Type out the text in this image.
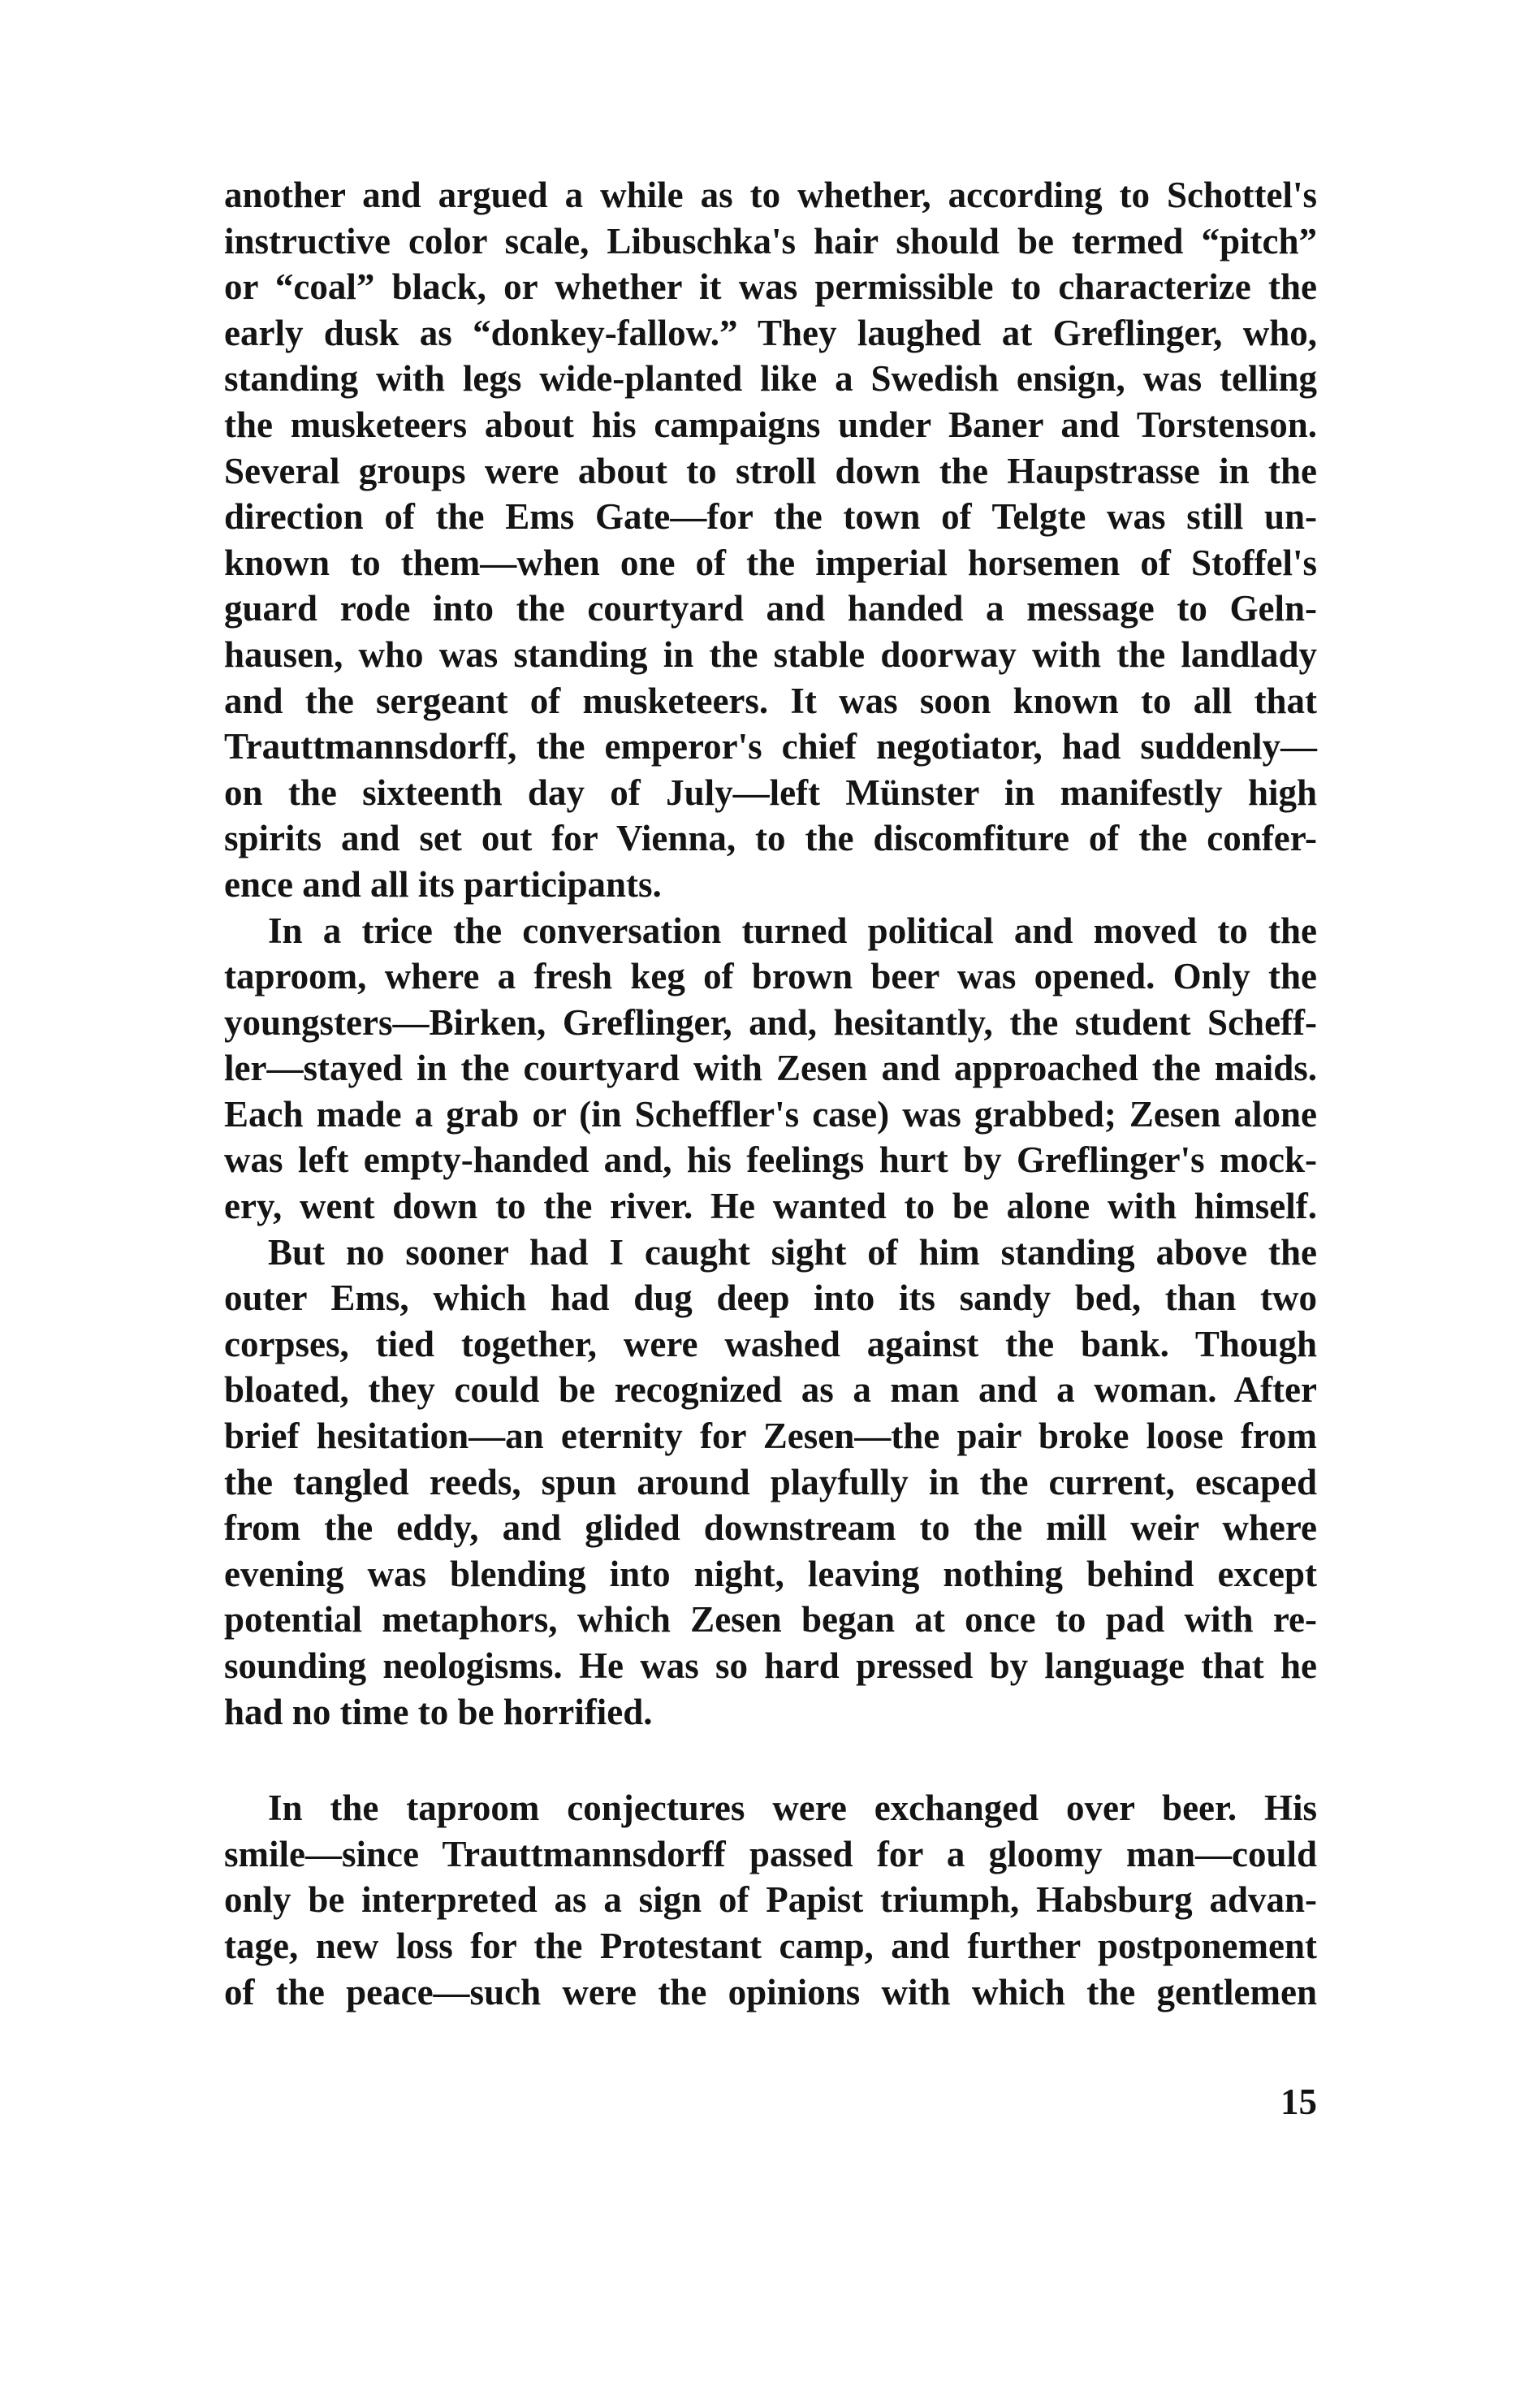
another and argued a while as to whether, according to Schottel's
instructive color scale, Libuschka's hair should be termed “pitch”
or “coal” black, or whether it was permissible to characterize the
early dusk as “donkey-fallow.” They laughed at Greflinger, who,
standing with legs wide-planted like a Swedish ensign, was telling
the musketeers about his campaigns under Baner and Torstenson.
Several groups were about to stroll down the Haupstrasse in the
direction of the Ems Gate—for the town of Telgte was still un-
known to them—when one of the imperial horsemen of Stoffel's
guard rode into the courtyard and handed a message to Geln-
hausen, who was standing in the stable doorway with the landlady
and the sergeant of musketeers. It was soon known to all that
Trauttmannsdorff, the emperor's chief negotiator, had suddenly—
on the sixteenth day of July—left Münster in manifestly high
spirits and set out for Vienna, to the discomfiture of the confer-
ence and all its participants.
In a trice the conversation turned political and moved to the
taproom, where a fresh keg of brown beer was opened. Only the
youngsters—Birken, Greflinger, and, hesitantly, the student Scheff-
ler—stayed in the courtyard with Zesen and approached the maids.
Each made a grab or (in Scheffler's case) was grabbed; Zesen alone
was left empty-handed and, his feelings hurt by Greflinger's mock-
ery, went down to the river. He wanted to be alone with himself.
But no sooner had I caught sight of him standing above the
outer Ems, which had dug deep into its sandy bed, than two
corpses, tied together, were washed against the bank. Though
bloated, they could be recognized as a man and a woman. After
brief hesitation—an eternity for Zesen—the pair broke loose from
the tangled reeds, spun around playfully in the current, escaped
from the eddy, and glided downstream to the mill weir where
evening was blending into night, leaving nothing behind except
potential metaphors, which Zesen began at once to pad with re-
sounding neologisms. He was so hard pressed by language that he
had no time to be horrified.
In the taproom conjectures were exchanged over beer. His
smile—since Trauttmannsdorff passed for a gloomy man—could
only be interpreted as a sign of Papist triumph, Habsburg advan-
tage, new loss for the Protestant camp, and further postponement
of the peace—such were the opinions with which the gentlemen
15
